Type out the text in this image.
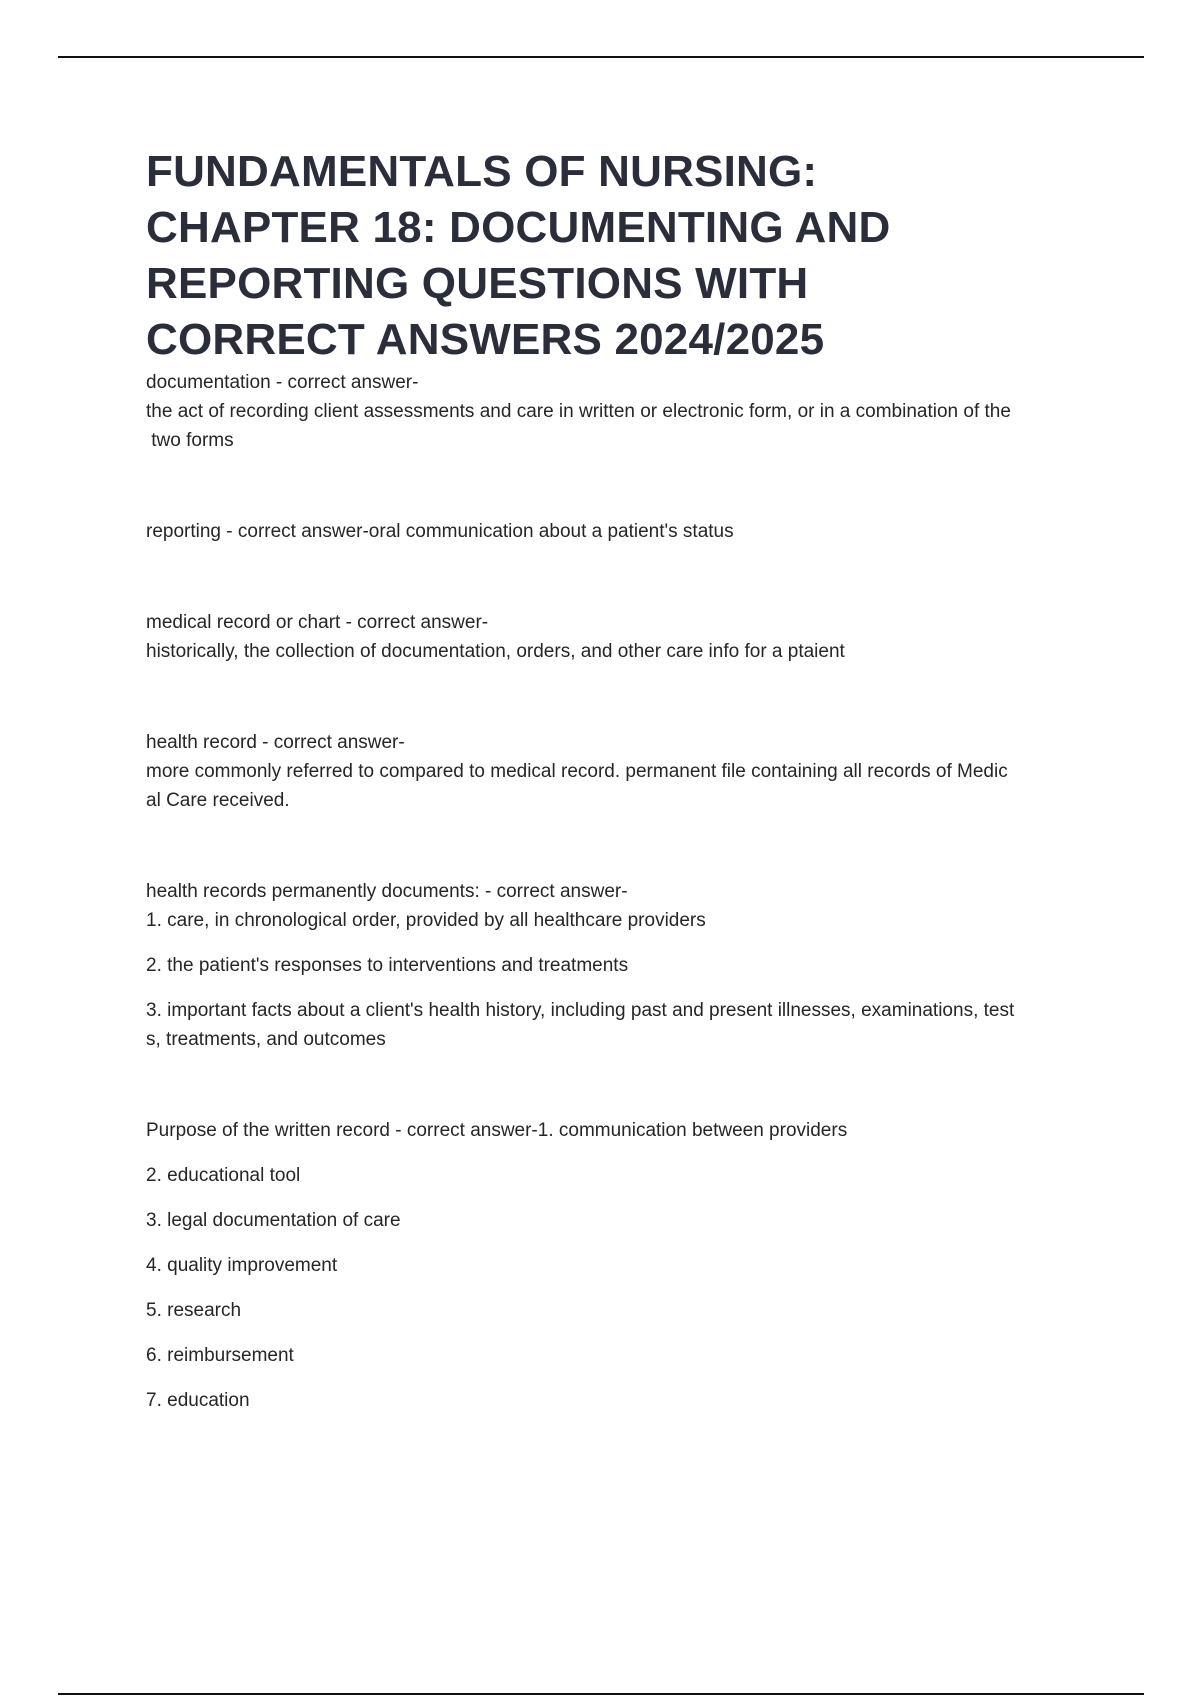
FUNDAMENTALS OF NURSING:
CHAPTER 18: DOCUMENTING AND
REPORTING QUESTIONS WITH
CORRECT ANSWERS 2024/2025
documentation - correct answer-
the act of recording client assessments and care in written or electronic form, or in a combination of the
two forms
reporting - correct answer-oral communication about a patient's status
medical record or chart - correct answer-
historically, the collection of documentation, orders, and other care info for a ptaient
health record - correct answer-
more commonly referred to compared to medical record. permanent file containing all records of Medic
al Care received.
health records permanently documents: - correct answer-
1. care, in chronological order, provided by all healthcare providers
2. the patient's responses to interventions and treatments
3. important facts about a client's health history, including past and present illnesses, examinations, test
s, treatments, and outcomes
Purpose of the written record - correct answer-1. communication between providers
2. educational tool
3. legal documentation of care
4. quality improvement
5. research
6. reimbursement
7. education
